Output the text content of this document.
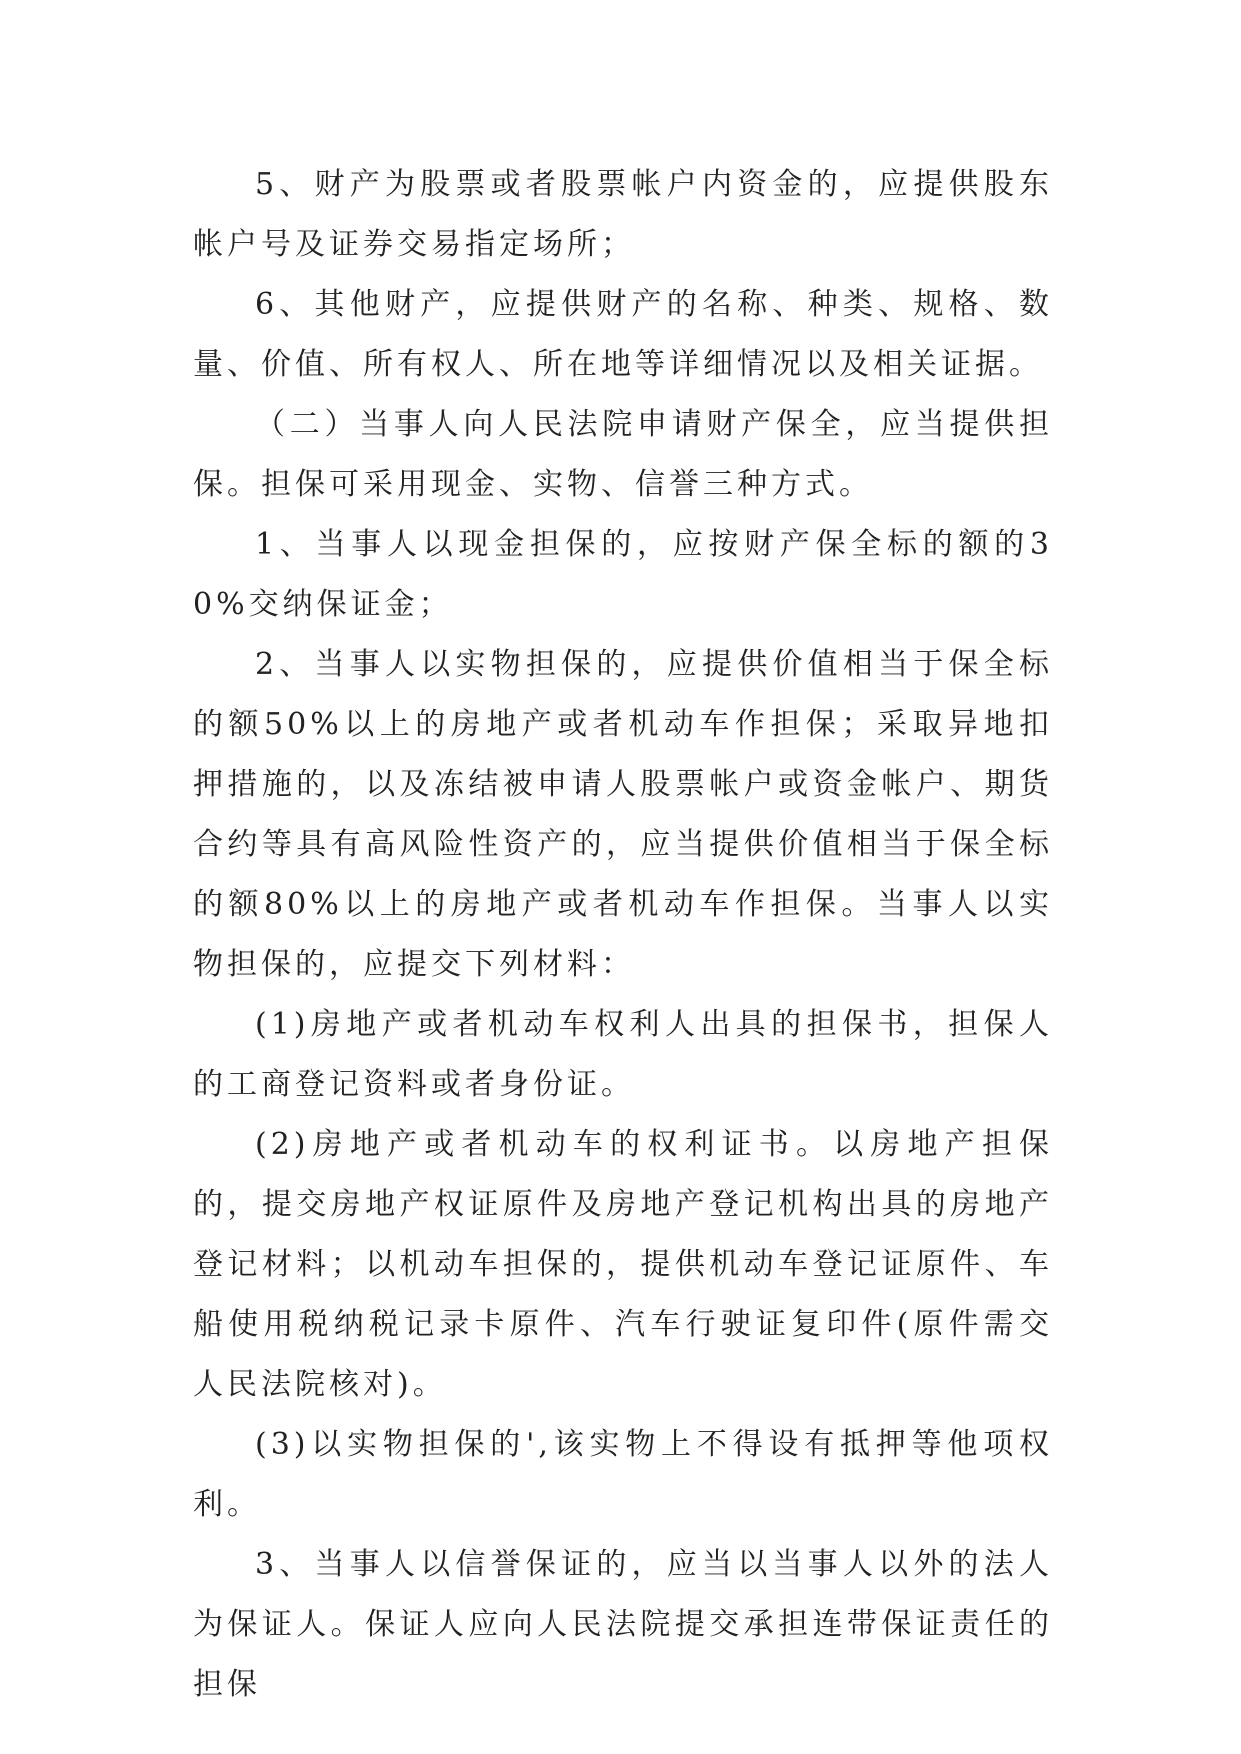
5、财产为股票或者股票帐户内资金的，应提供股东帐户号及证券交易指定场所；

6、其他财产，应提供财产的名称、种类、规格、数量、价值、所有权人、所在地等详细情况以及相关证据。

（二）当事人向人民法院申请财产保全，应当提供担保。担保可采用现金、实物、信誉三种方式。

1、当事人以现金担保的，应按财产保全标的额的30%交纳保证金；

2、当事人以实物担保的，应提供价值相当于保全标的额50%以上的房地产或者机动车作担保；采取异地扣押措施的，以及冻结被申请人股票帐户或资金帐户、期货合约等具有高风险性资产的，应当提供价值相当于保全标的额80%以上的房地产或者机动车作担保。当事人以实物担保的，应提交下列材料：

(1)房地产或者机动车权利人出具的担保书，担保人的工商登记资料或者身份证。

(2)房地产或者机动车的权利证书。以房地产担保的，提交房地产权证原件及房地产登记机构出具的房地产登记材料；以机动车担保的，提供机动车登记证原件、车船使用税纳税记录卡原件、汽车行驶证复印件(原件需交人民法院核对)。

(3)以实物担保的',该实物上不得设有抵押等他项权利。

3、当事人以信誉保证的，应当以当事人以外的法人为保证人。保证人应向人民法院提交承担连带保证责任的担保
